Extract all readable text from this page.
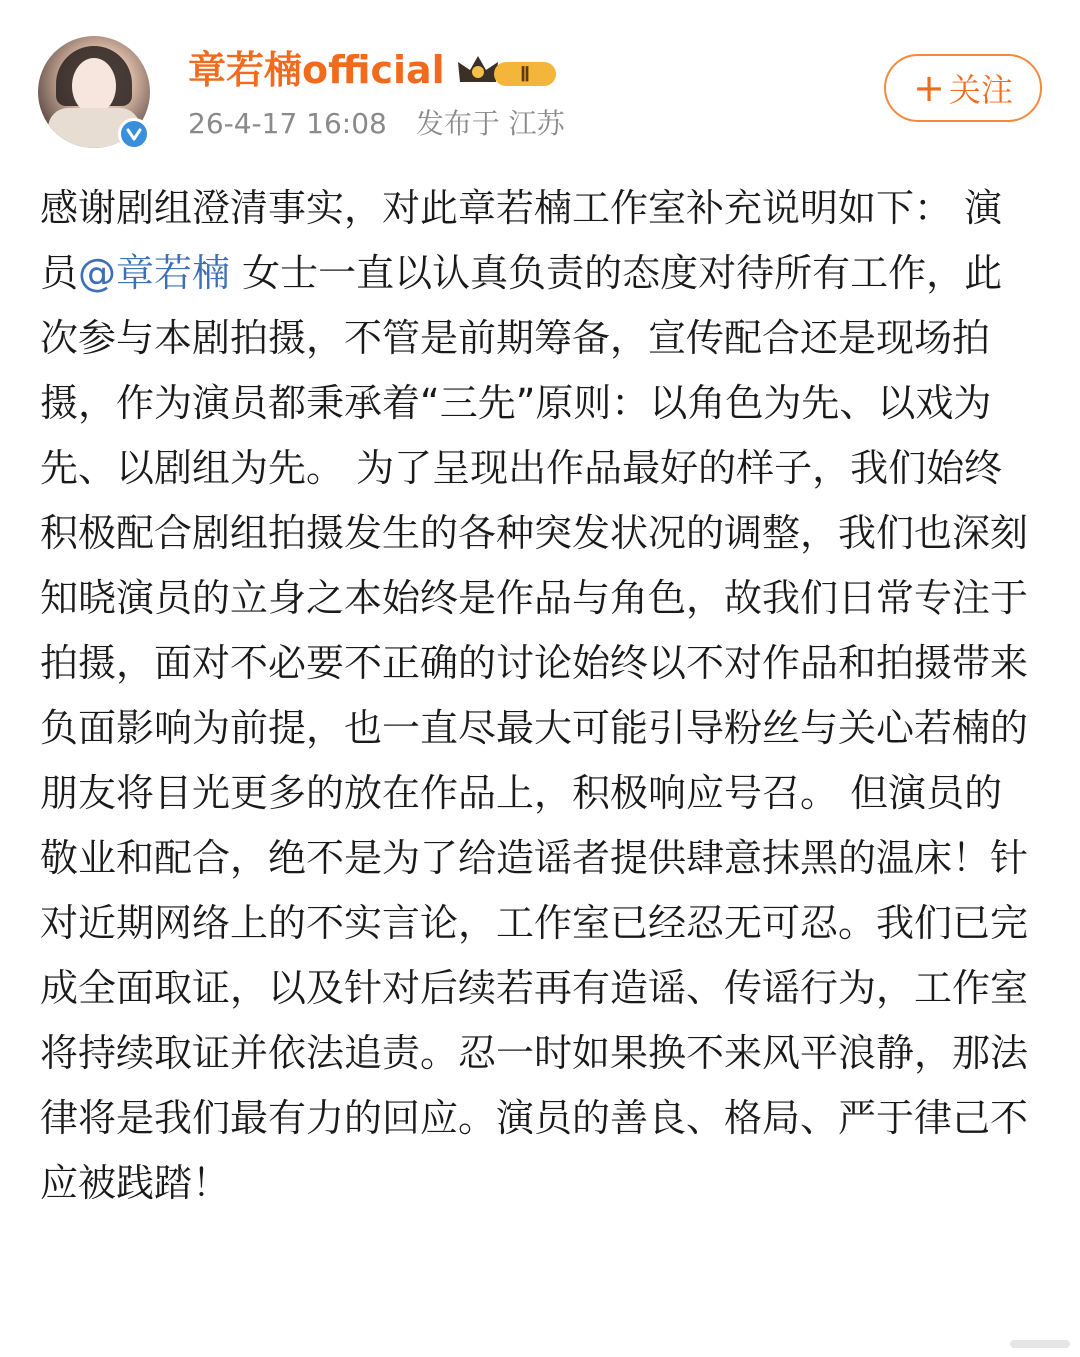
章若楠official	Ⅱ
26-4-17 16:08 发布于 江苏
+ 关注
感谢剧组澄清事实，对此章若楠工作室补充说明如下： 演员@章若楠 女士一直以认真负责的态度对待所有工作，此次参与本剧拍摄，不管是前期筹备，宣传配合还是现场拍摄，作为演员都秉承着“三先”原则：以角色为先、以戏为先、以剧组为先。 为了呈现出作品最好的样子，我们始终积极配合剧组拍摄发生的各种突发状况的调整，我们也深刻知晓演员的立身之本始终是作品与角色，故我们日常专注于拍摄，面对不必要不正确的讨论始终以不对作品和拍摄带来负面影响为前提，也一直尽最大可能引导粉丝与关心若楠的朋友将目光更多的放在作品上，积极响应号召。 但演员的敬业和配合，绝不是为了给造谣者提供肆意抹黑的温床！针对近期网络上的不实言论，工作室已经忍无可忍。我们已完成全面取证，以及针对后续若再有造谣、传谣行为，工作室将持续取证并依法追责。忍一时如果换不来风平浪静，那法律将是我们最有力的回应。演员的善良、格局、严于律己不应被践踏！
